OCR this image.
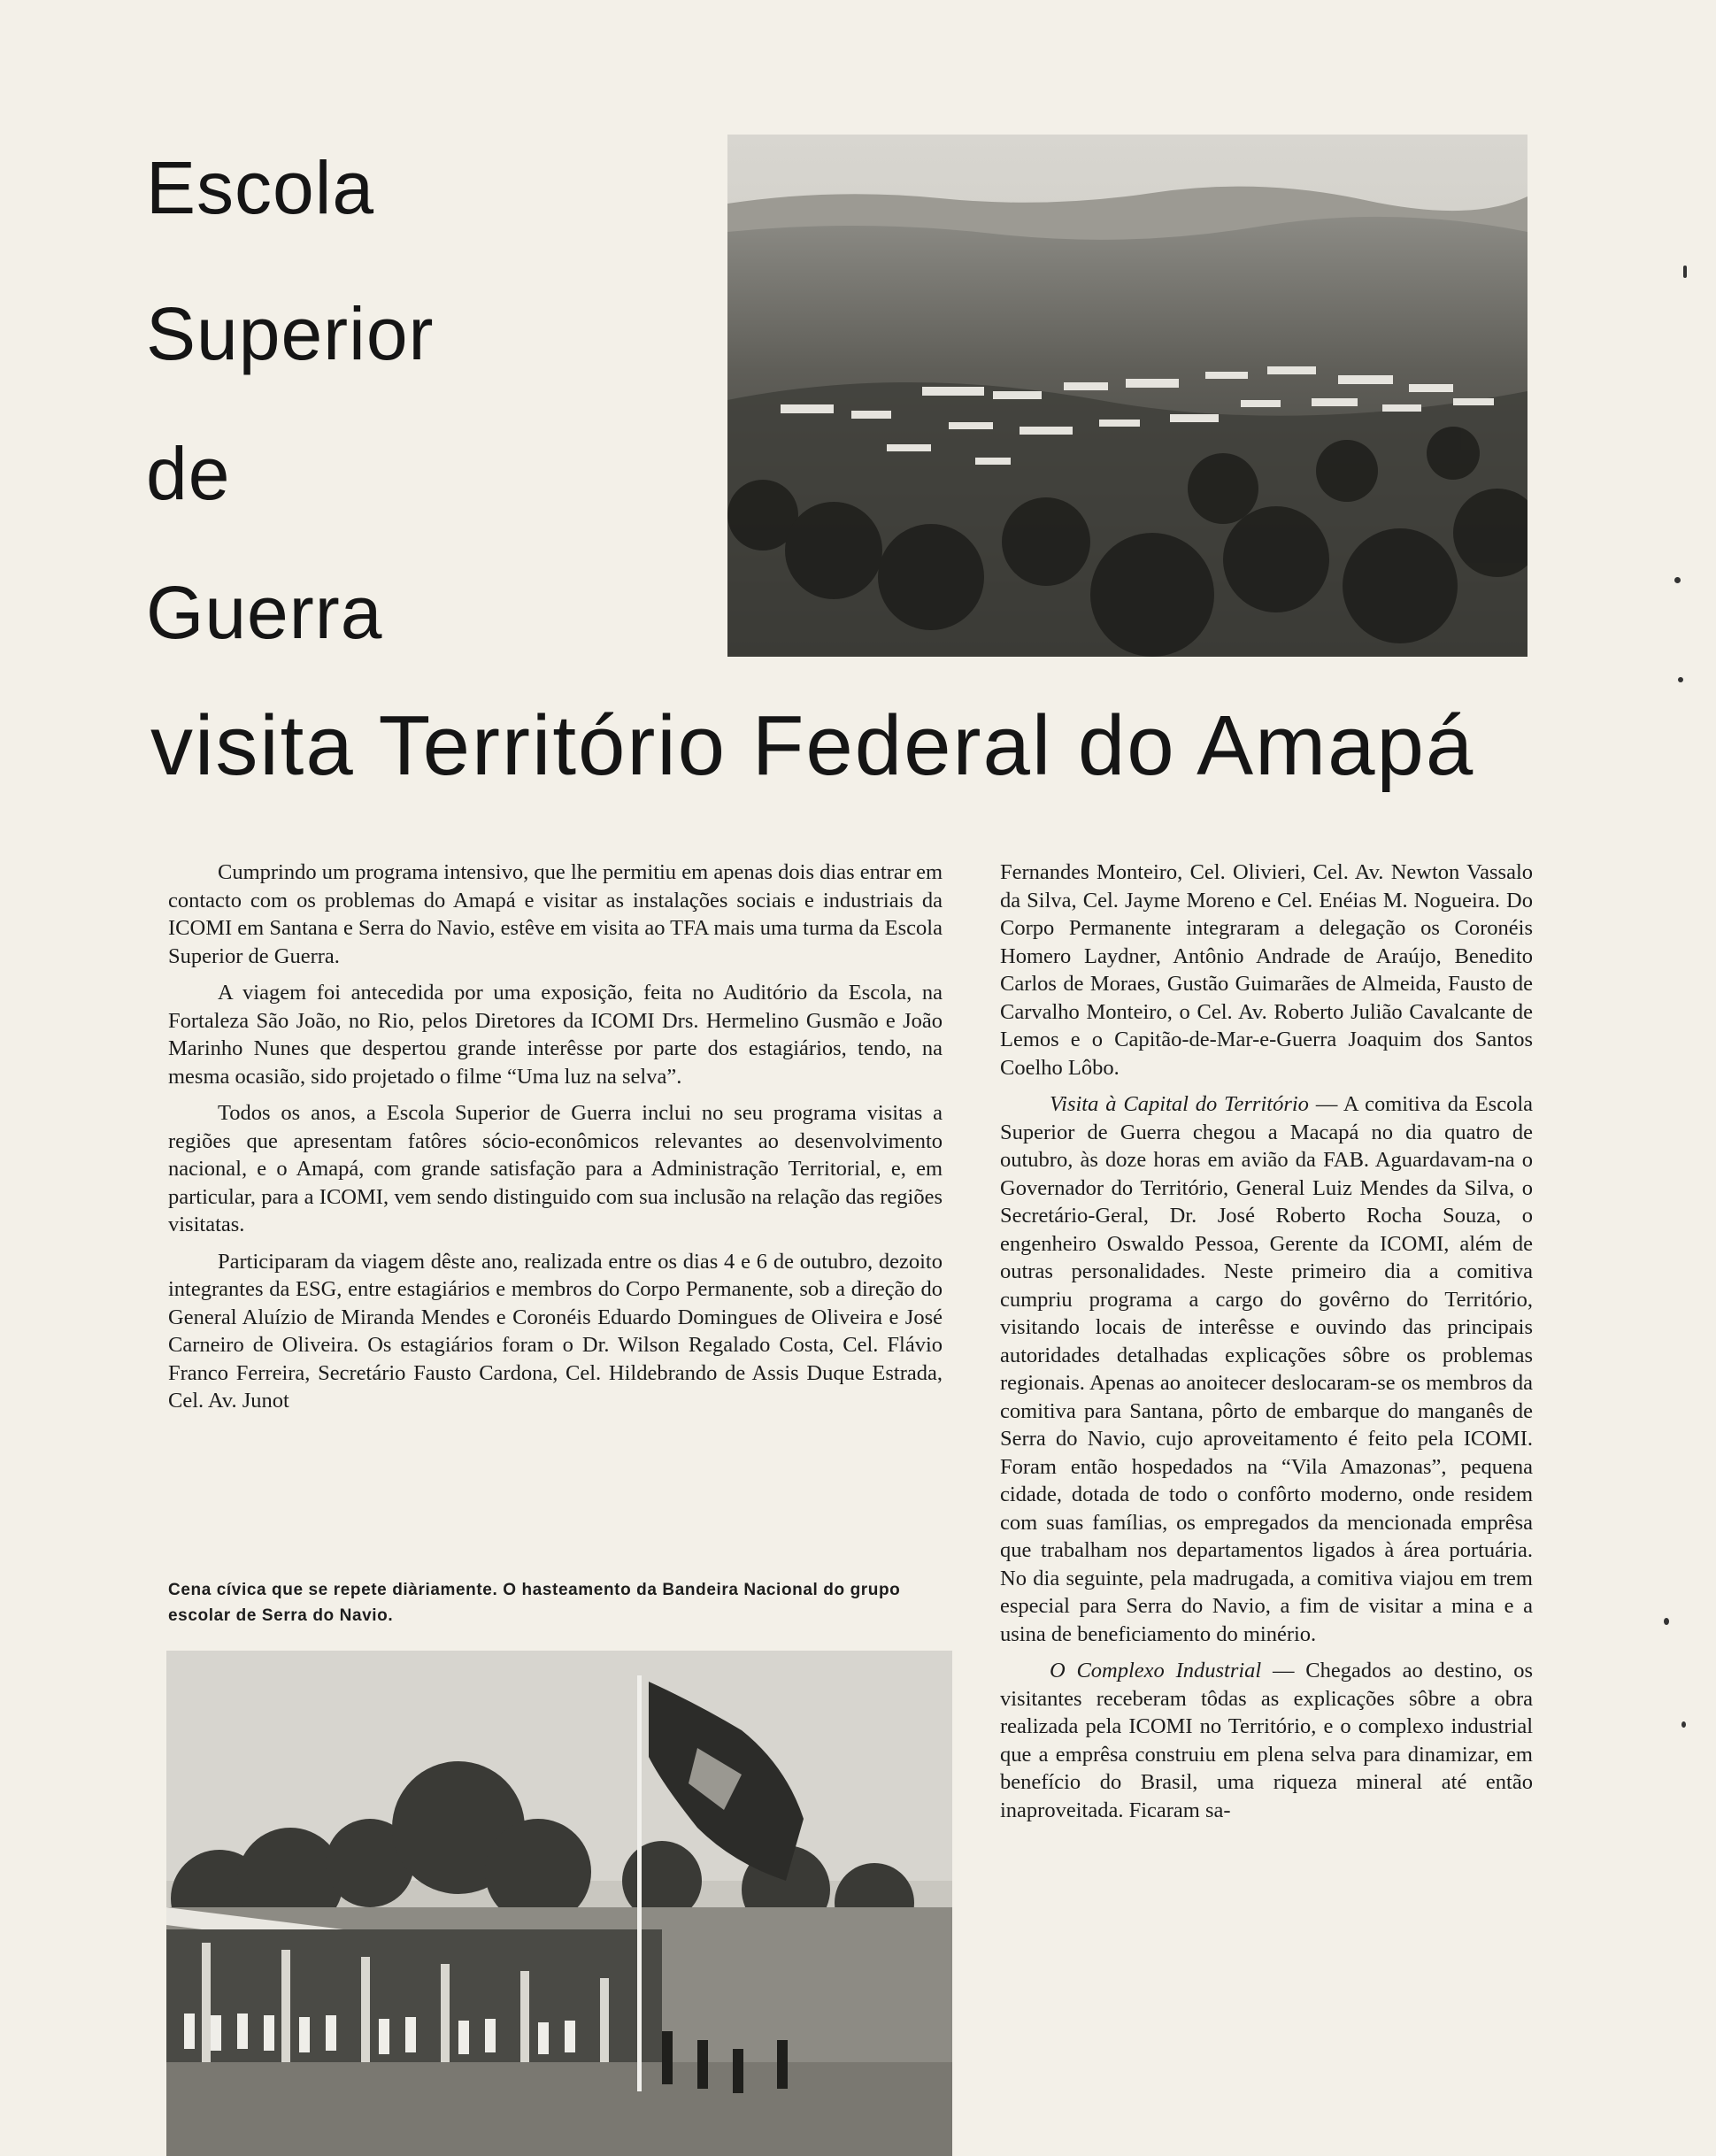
Escola
Superior
de
Guerra
visita Território Federal do Amapá

Cumprindo um programa intensivo, que lhe permitiu em apenas dois dias entrar em contacto com os problemas do Amapá e visitar as instalações sociais e industriais da ICOMI em Santana e Serra do Navio, estêve em visita ao TFA mais uma turma da Escola Superior de Guerra.

A viagem foi antecedida por uma exposição, feita no Auditório da Escola, na Fortaleza São João, no Rio, pelos Diretores da ICOMI Drs. Hermelino Gusmão e João Marinho Nunes que despertou grande interêsse por parte dos estagiários, tendo, na mesma ocasião, sido projetado o filme “Uma luz na selva”.

Todos os anos, a Escola Superior de Guerra inclui no seu programa visitas a regiões que apresentam fatôres sócio-econômicos relevantes ao desenvolvimento nacional, e o Amapá, com grande satisfação para a Administração Territorial, e, em particular, para a ICOMI, vem sendo distinguido com sua inclusão na relação das regiões visitatas.

Participaram da viagem dêste ano, realizada entre os dias 4 e 6 de outubro, dezoito integrantes da ESG, entre estagiários e membros do Corpo Permanente, sob a direção do General Aluízio de Miranda Mendes e Coronéis Eduardo Domingues de Oliveira e José Carneiro de Oliveira. Os estagiários foram o Dr. Wilson Regalado Costa, Cel. Flávio Franco Ferreira, Secretário Fausto Cardona, Cel. Hildebrando de Assis Duque Estrada, Cel. Av. Junot

Cena cívica que se repete diàriamente. O hasteamento da Bandeira Nacional do grupo escolar de Serra do Navio.

Fernandes Monteiro, Cel. Olivieri, Cel. Av. Newton Vassalo da Silva, Cel. Jayme Moreno e Cel. Enéias M. Nogueira. Do Corpo Permanente integraram a delegação os Coronéis Homero Laydner, Antônio Andrade de Araújo, Benedito Carlos de Moraes, Gustão Guimarães de Almeida, Fausto de Carvalho Monteiro, o Cel. Av. Roberto Julião Cavalcante de Lemos e o Capitão-de-Mar-e-Guerra Joaquim dos Santos Coelho Lôbo.

Visita à Capital do Território — A comitiva da Escola Superior de Guerra chegou a Macapá no dia quatro de outubro, às doze horas em avião da FAB. Aguardavam-na o Governador do Território, General Luiz Mendes da Silva, o Secretário-Geral, Dr. José Roberto Rocha Souza, o engenheiro Oswaldo Pessoa, Gerente da ICOMI, além de outras personalidades. Neste primeiro dia a comitiva cumpriu programa a cargo do govêrno do Território, visitando locais de interêsse e ouvindo das principais autoridades detalhadas explicações sôbre os problemas regionais. Apenas ao anoitecer deslocaram-se os membros da comitiva para Santana, pôrto de embarque do manganês de Serra do Navio, cujo aproveitamento é feito pela ICOMI. Foram então hospedados na “Vila Amazonas”, pequena cidade, dotada de todo o confôrto moderno, onde residem com suas famílias, os empregados da mencionada emprêsa que trabalham nos departamentos ligados à área portuária. No dia seguinte, pela madrugada, a comitiva viajou em trem especial para Serra do Navio, a fim de visitar a mina e a usina de beneficiamento do minério.

O Complexo Industrial — Chegados ao destino, os visitantes receberam tôdas as explicações sôbre a obra realizada pela ICOMI no Território, e o complexo industrial que a emprêsa construiu em plena selva para dinamizar, em benefício do Brasil, uma riqueza mineral até então inaproveitada. Ficaram sa-
